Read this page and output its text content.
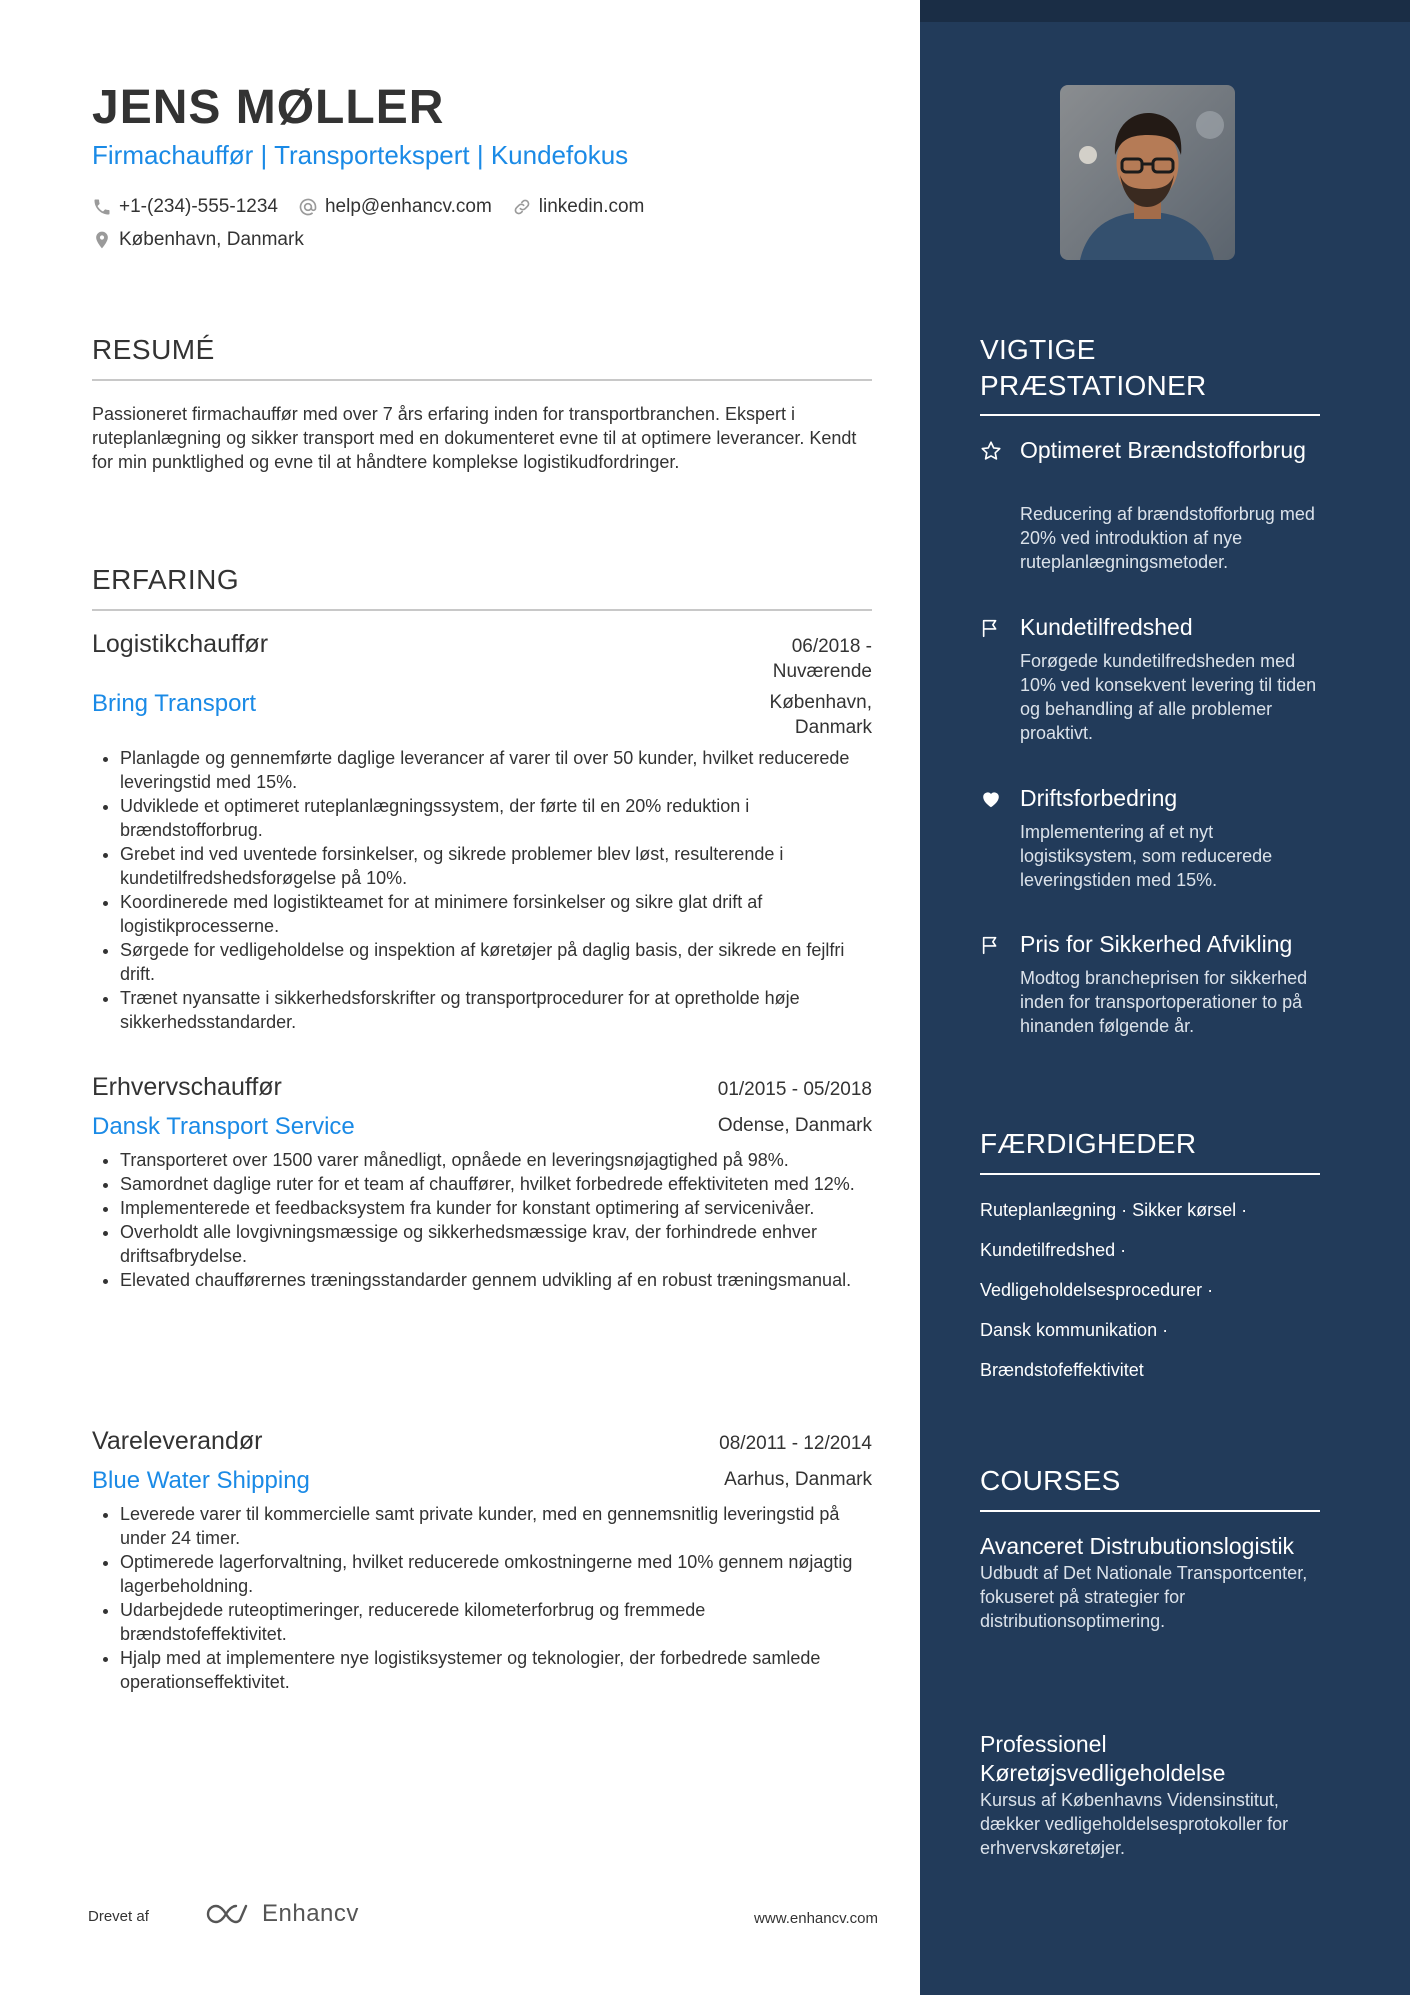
JENS MØLLER
Firmachauffør | Transportekspert | Kundefokus
+1-(234)-555-1234 help@enhancv.com linkedin.com
København, Danmark
RESUMÉ
Passioneret firmachauffør med over 7 års erfaring inden for transportbranchen. Ekspert i ruteplanlægning og sikker transport med en dokumenteret evne til at optimere leverancer. Kendt for min punktlighed og evne til at håndtere komplekse logistikudfordringer.
ERFARING
Logistikchauffør	06/2018 - Nuværende
Bring Transport	København, Danmark
• Planlagde og gennemførte daglige leverancer af varer til over 50 kunder, hvilket reducerede leveringstid med 15%.
• Udviklede et optimeret ruteplanlægningssystem, der førte til en 20% reduktion i brændstofforbrug.
• Grebet ind ved uventede forsinkelser, og sikrede problemer blev løst, resulterende i kundetilfredshedsforøgelse på 10%.
• Koordinerede med logistikteamet for at minimere forsinkelser og sikre glat drift af logistikprocesserne.
• Sørgede for vedligeholdelse og inspektion af køretøjer på daglig basis, der sikrede en fejlfri drift.
• Trænet nyansatte i sikkerhedsforskrifter og transportprocedurer for at opretholde høje sikkerhedsstandarder.
Erhvervschauffør	01/2015 - 05/2018
Dansk Transport Service	Odense, Danmark
• Transporteret over 1500 varer månedligt, opnåede en leveringsnøjagtighed på 98%.
• Samordnet daglige ruter for et team af chauffører, hvilket forbedrede effektiviteten med 12%.
• Implementerede et feedbacksystem fra kunder for konstant optimering af servicenivåer.
• Overholdt alle lovgivningsmæssige og sikkerhedsmæssige krav, der forhindrede enhver driftsafbrydelse.
• Elevated chaufførernes træningsstandarder gennem udvikling af en robust træningsmanual.
Vareleverandør	08/2011 - 12/2014
Blue Water Shipping	Aarhus, Danmark
• Leverede varer til kommercielle samt private kunder, med en gennemsnitlig leveringstid på under 24 timer.
• Optimerede lagerforvaltning, hvilket reducerede omkostningerne med 10% gennem nøjagtig lagerbeholdning.
• Udarbejdede ruteoptimeringer, reducerede kilometerforbrug og fremmede brændstofeffektivitet.
• Hjalp med at implementere nye logistiksystemer og teknologier, der forbedrede samlede operationseffektivitet.
Drevet af	Enhancv	www.enhancv.com
VIGTIGE PRÆSTATIONER
Optimeret Brændstofforbrug
Reducering af brændstofforbrug med 20% ved introduktion af nye ruteplanlægningsmetoder.
Kundetilfredshed
Forøgede kundetilfredsheden med 10% ved konsekvent levering til tiden og behandling af alle problemer proaktivt.
Driftsforbedring
Implementering af et nyt logistiksystem, som reducerede leveringstiden med 15%.
Pris for Sikkerhed Afvikling
Modtog brancheprisen for sikkerhed inden for transportoperationer to på hinanden følgende år.
FÆRDIGHEDER
Ruteplanlægning · Sikker kørsel ·
Kundetilfredshed ·
Vedligeholdelsesprocedurer ·
Dansk kommunikation ·
Brændstofeffektivitet
COURSES
Avanceret Distrubutionslogistik
Udbudt af Det Nationale Transportcenter, fokuseret på strategier for distributionsoptimering.
Professionel Køretøjsvedligeholdelse
Kursus af Københavns Vidensinstitut, dækker vedligeholdelsesprotokoller for erhvervskøretøjer.
